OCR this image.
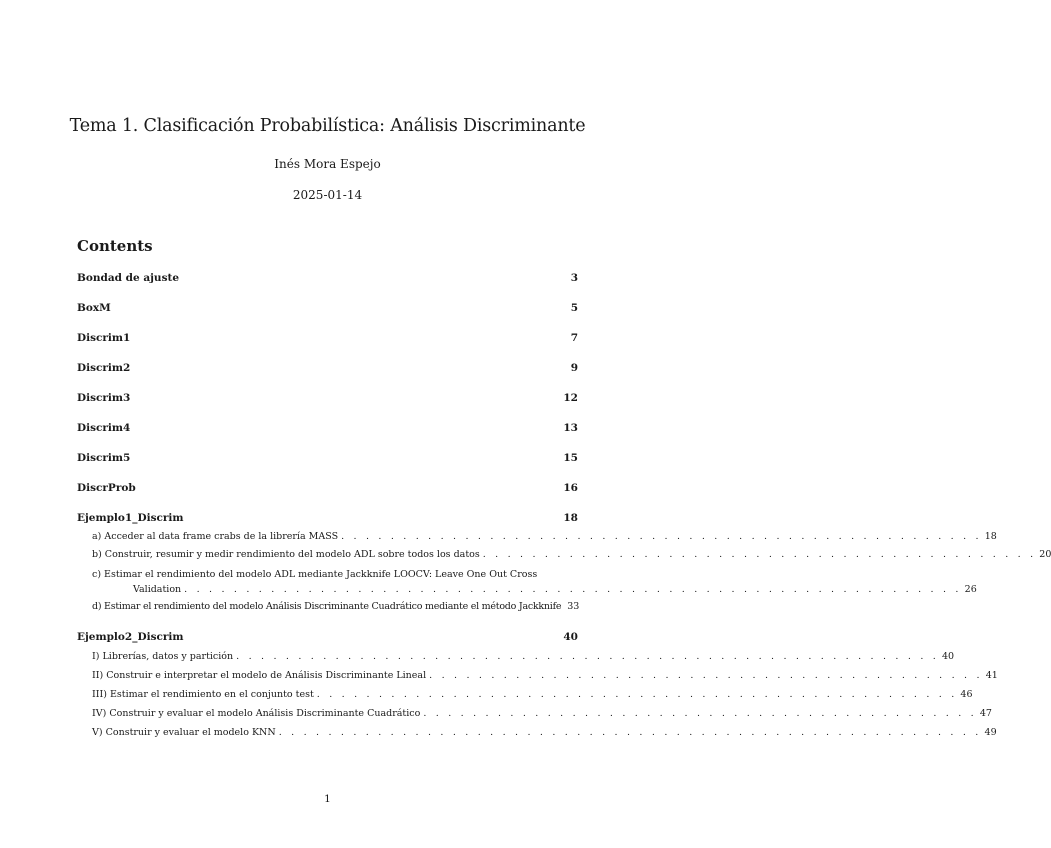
Tema 1. Clasificación Probabilística: Análisis Discriminante
Inés Mora Espejo
2025-01-14
Contents
Bondad de ajuste	3
BoxM	5
Discrim1	7
Discrim2	9
Discrim3	12
Discrim4	13
Discrim5	15
DiscrProb	16
Ejemplo1_Discrim	18
a) Acceder al data frame crabs de la librería MASS . . . . . . . . . . . . . . . . . . . . . . . . . . . . . . . . . . . . . . . . . . . . . . . . . . . . 18
b) Construir, resumir y medir rendimiento del modelo ADL sobre todos los datos . . . . . . . . . . . . . . . . . . . . . . . . . . . . . . . . . . . . . . . . . . . . . 20
c) Estimar el rendimiento del modelo ADL mediante Jackknife LOOCV: Leave One Out Cross
Validation . . . . . . . . . . . . . . . . . . . . . . . . . . . . . . . . . . . . . . . . . . . . . . . . . . . . . . . . . . . . . . . 26
d) Estimar el rendimiento del modelo Análisis Discriminante Cuadrático mediante el método Jackknife 33
Ejemplo2_Discrim	40
I) Librerías, datos y partición . . . . . . . . . . . . . . . . . . . . . . . . . . . . . . . . . . . . . . . . . . . . . . . . . . . . . . . . . 40
II) Construir e interpretar el modelo de Análisis Discriminante Lineal . . . . . . . . . . . . . . . . . . . . . . . . . . . . . . . . . . . . . . . . . . . . . 41
III) Estimar el rendimiento en el conjunto test . . . . . . . . . . . . . . . . . . . . . . . . . . . . . . . . . . . . . . . . . . . . . . . . . . . . 46
IV) Construir y evaluar el modelo Análisis Discriminante Cuadrático . . . . . . . . . . . . . . . . . . . . . . . . . . . . . . . . . . . . . . . . . . . . . 47
V) Construir y evaluar el modelo KNN . . . . . . . . . . . . . . . . . . . . . . . . . . . . . . . . . . . . . . . . . . . . . . . . . . . . . . . . . 49
1
